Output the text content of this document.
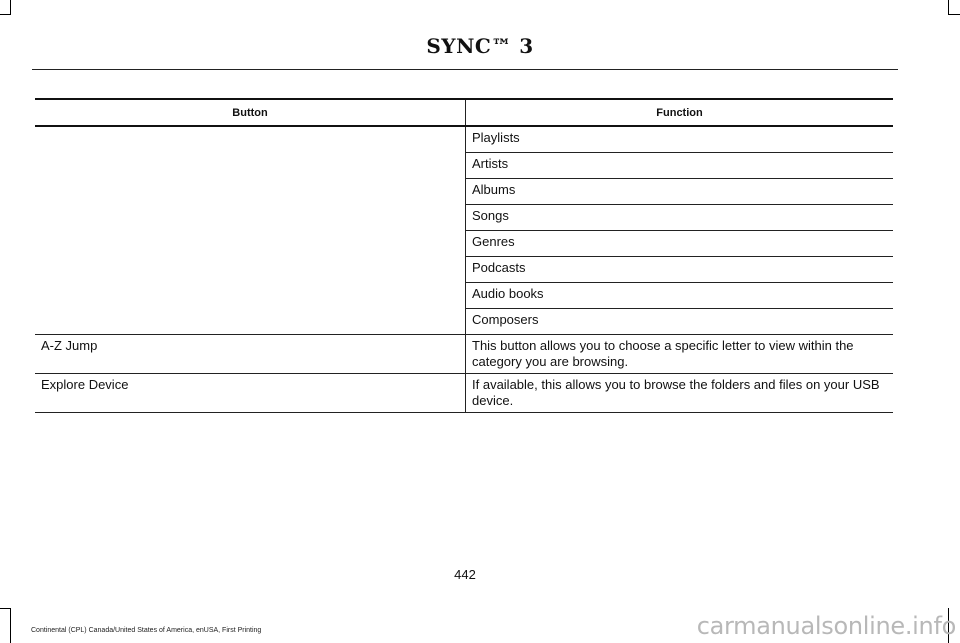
SYNC™ 3
Button	Function
	Playlists
	Artists
	Albums
	Songs
	Genres
	Podcasts
	Audio books
	Composers
A-Z Jump	This button allows you to choose a specific letter to view within the category you are browsing.
Explore Device	If available, this allows you to browse the folders and files on your USB device.
442
Continental (CPL) Canada/United States of America, enUSA, First Printing	carmanualsonline.info
